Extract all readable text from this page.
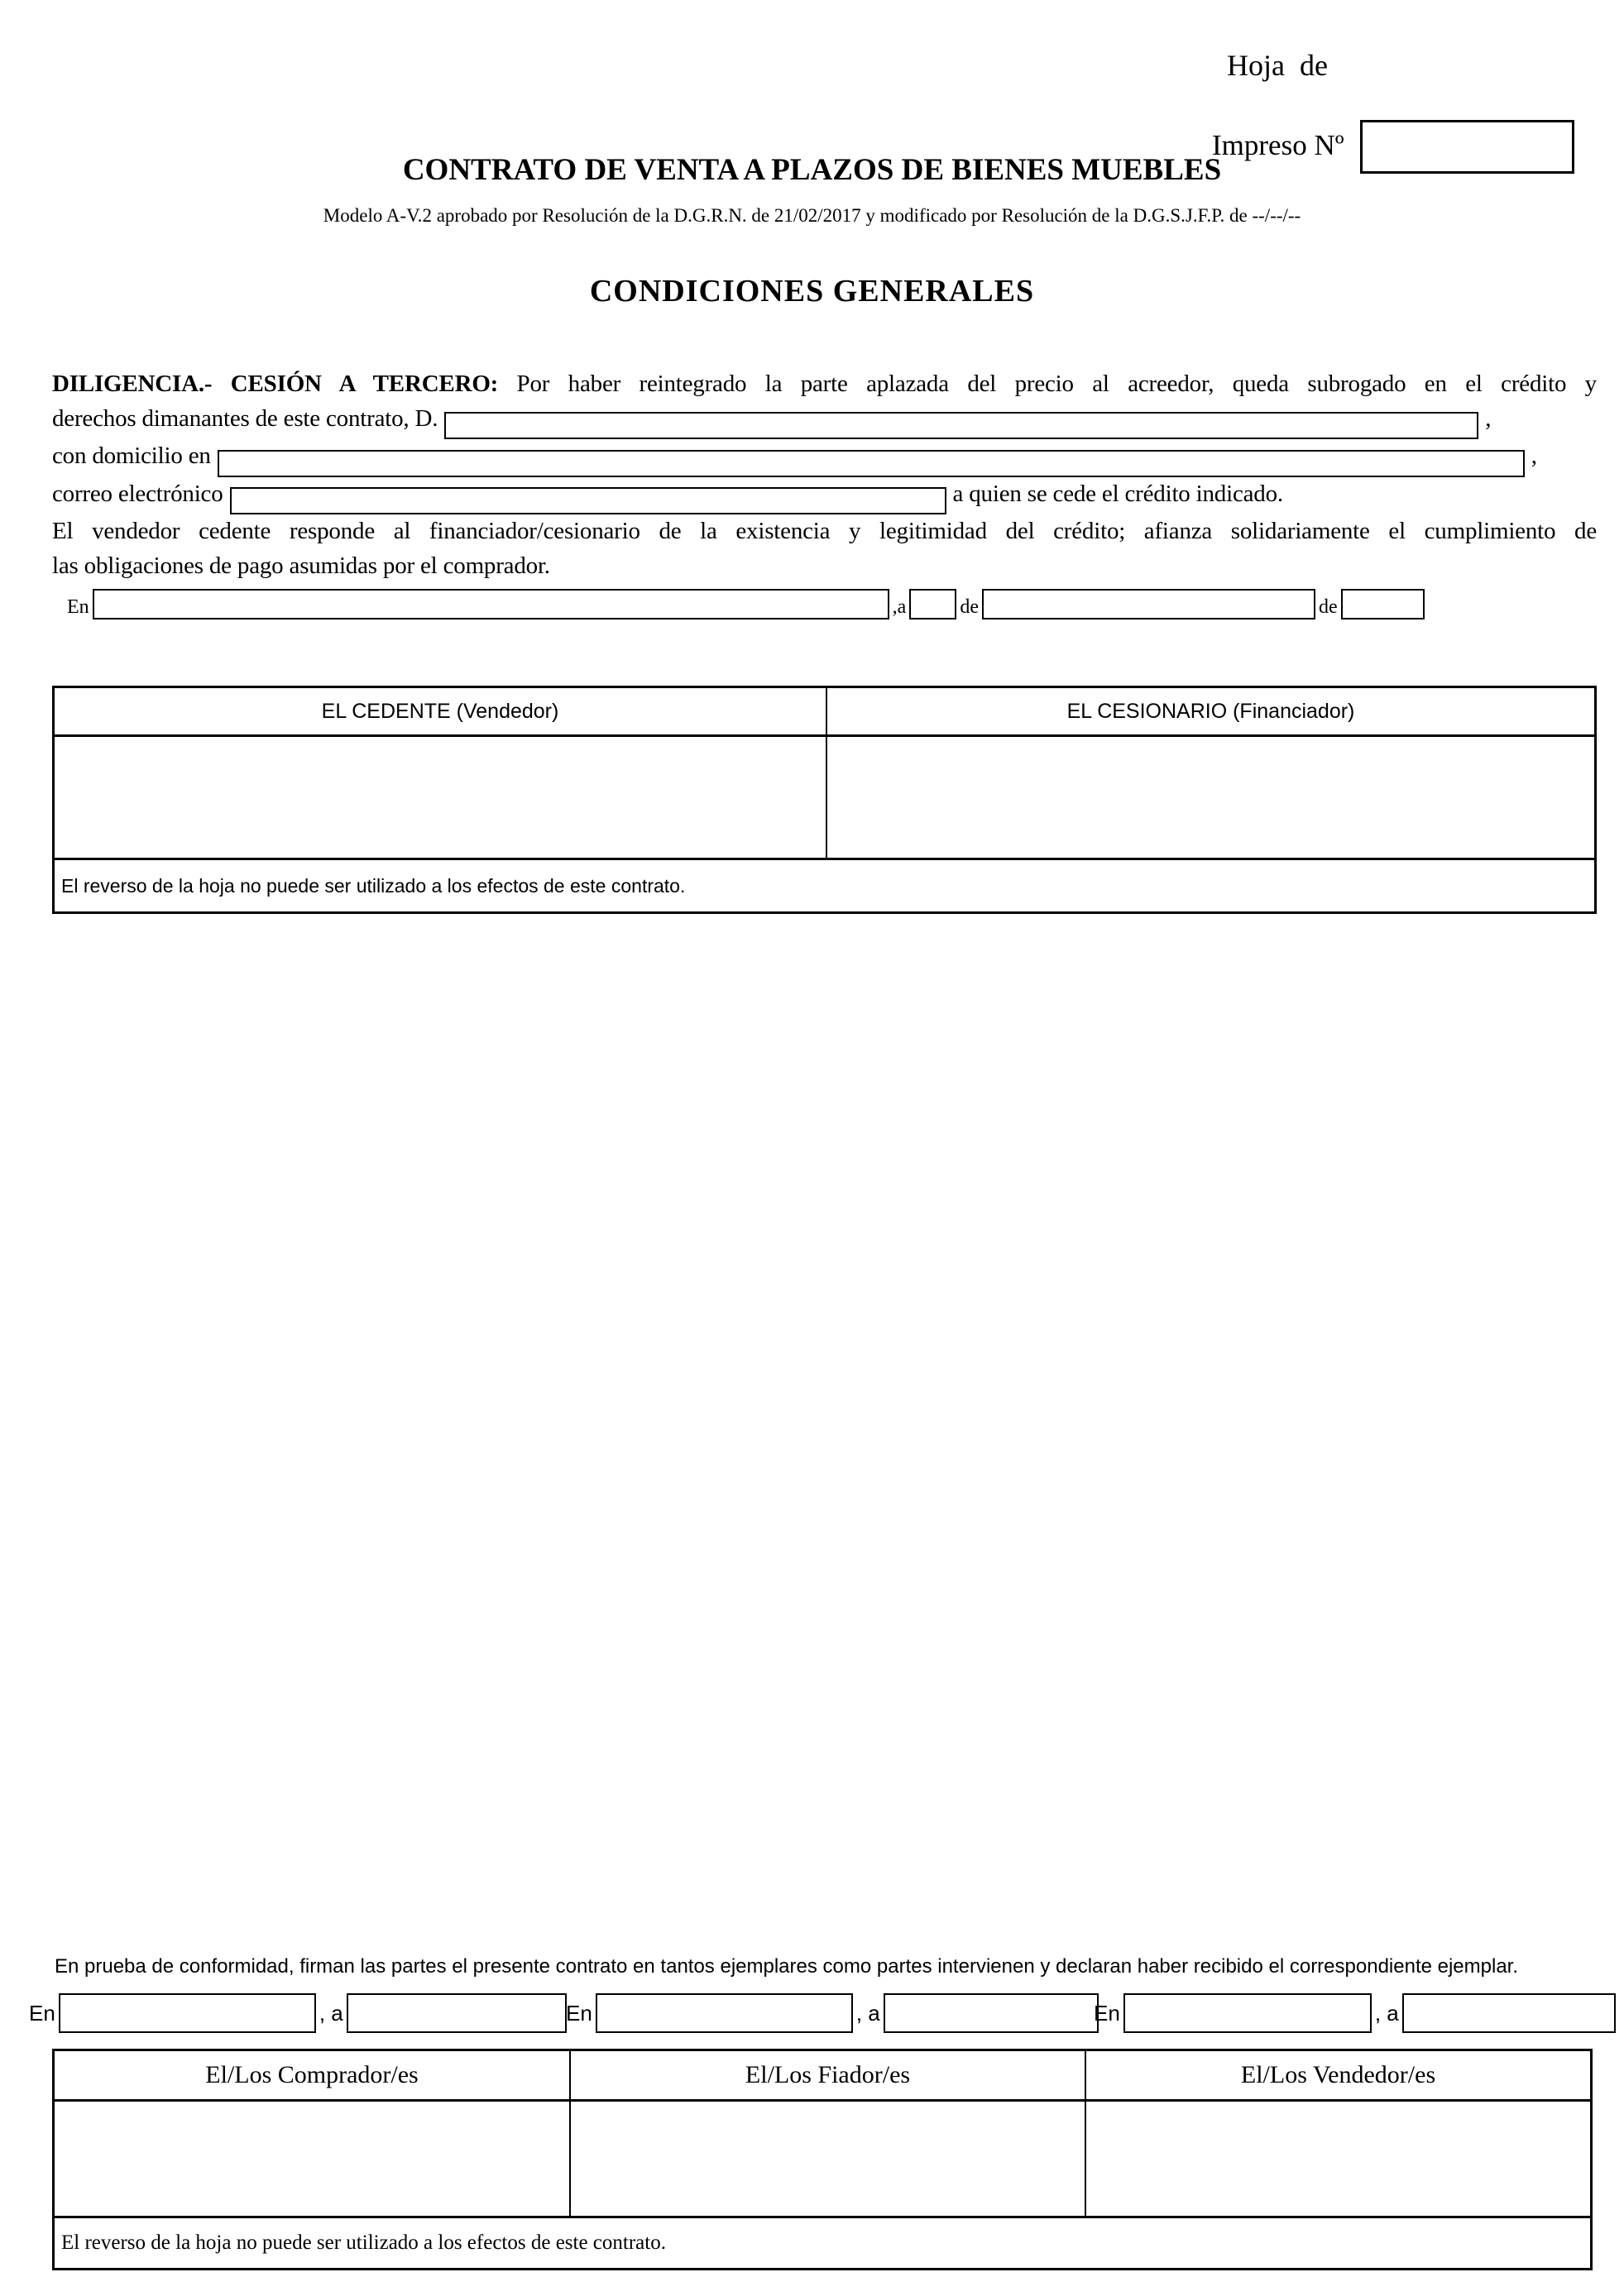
Hoja  de
Impreso Nº
CONTRATO DE VENTA A PLAZOS DE BIENES MUEBLES
Modelo A-V.2 aprobado por Resolución de la D.G.R.N. de 21/02/2017 y modificado por Resolución de la D.G.S.J.F.P. de --/--/--
CONDICIONES GENERALES
DILIGENCIA.- CESIÓN A TERCERO: Por haber reintegrado la parte aplazada del precio al acreedor, queda subrogado en el crédito y
derechos dimanantes de este contrato, D.	,
con domicilio en	,
correo electrónico	a quien se cede el crédito indicado.
El vendedor cedente responde al financiador/cesionario de la existencia y legitimidad del crédito; afianza solidariamente el cumplimiento de
las obligaciones de pago asumidas por el comprador.
En	,a	de	de
EL CEDENTE (Vendedor)	EL CESIONARIO (Financiador)
El reverso de la hoja no puede ser utilizado a los efectos de este contrato.
En prueba de conformidad, firman las partes el presente contrato en tantos ejemplares como partes intervienen y declaran haber recibido el correspondiente ejemplar.
En	, a	En	, a	En	, a
El/Los Comprador/es	El/Los Fiador/es	El/Los Vendedor/es
El reverso de la hoja no puede ser utilizado a los efectos de este contrato.
